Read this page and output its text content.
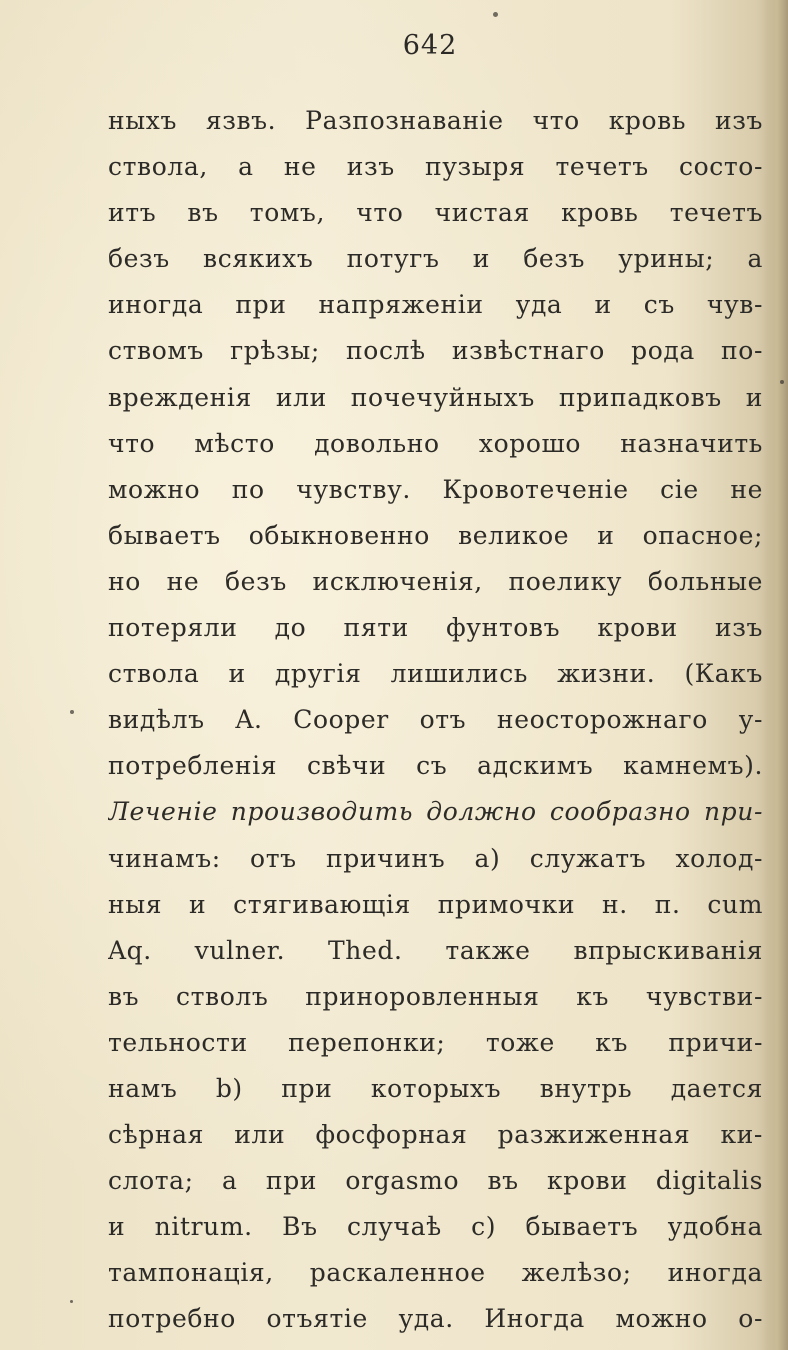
642
ныхъ язвъ. Разпознаванiе что кровь изъ
ствола, а не изъ пузыря течетъ состо-
итъ въ томъ, что чистая кровь течетъ
безъ всякихъ потугъ и безъ урины; а
иногда при напряженiи уда и съ чув-
ствомъ грѣзы; послѣ извѣстнаго рода по-
врежденiя или почечуйныхъ припадковъ и
что мѣсто довольно хорошо назначить
можно по чувству. Кровотеченiе сiе не
бываетъ обыкновенно великое и опасное;
но не безъ исключенiя, поелику больные
потеряли до пяти фунтовъ крови изъ
ствола и другiя лишились жизни. (Какъ
видѣлъ A. Cooper отъ неосторожнаго у-
потребленiя свѣчи съ адскимъ камнемъ).
Леченiе производить должно сообразно при-
чинамъ: отъ причинъ a) служатъ холод-
ныя и стягивающiя примочки н. п. cum
Aq. vulner. Thed. также впрыскиванiя
въ стволъ приноровленныя къ чувстви-
тельности перепонки; тоже къ причи-
намъ b) при которыхъ внутрь дается
сѣрная или фосфорная разжиженная ки-
слота; а при orgasmo въ крови digitalis
и nitrum. Въ случаѣ c) бываетъ удобна
тампонацiя, раскаленное желѣзо; иногда
потребно отъятiе уда. Иногда можно о-
